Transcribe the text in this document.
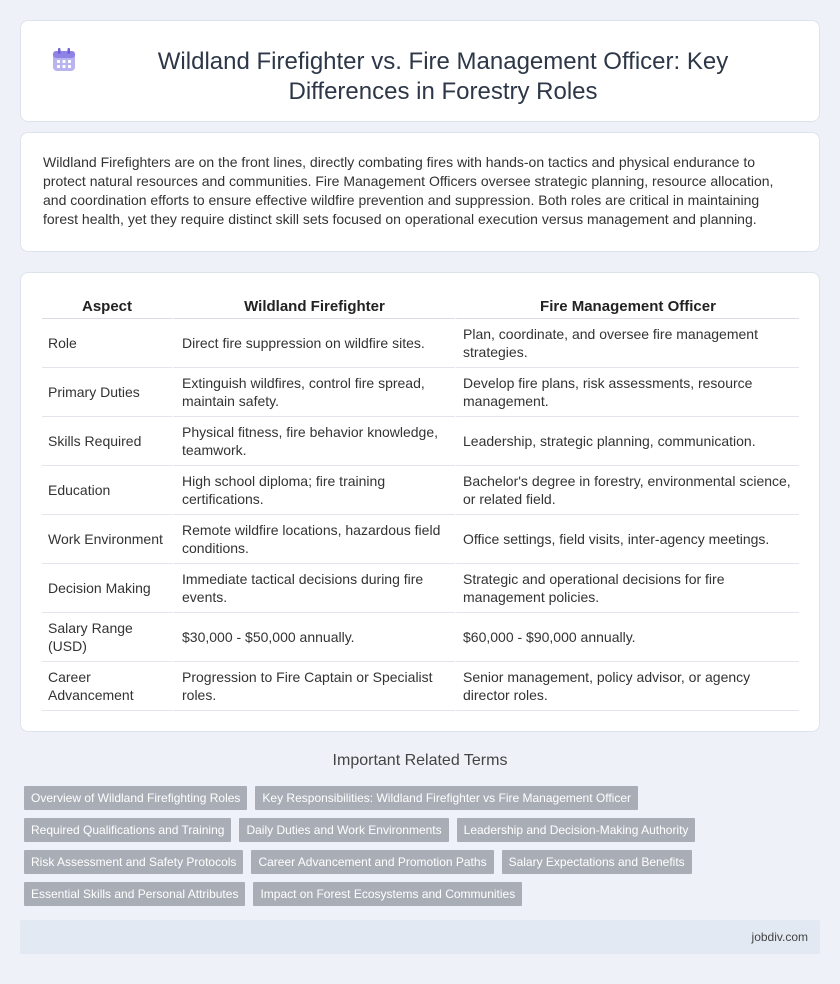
Wildland Firefighter vs. Fire Management Officer: Key Differences in Forestry Roles

Wildland Firefighters are on the front lines, directly combating fires with hands-on tactics and physical endurance to protect natural resources and communities. Fire Management Officers oversee strategic planning, resource allocation, and coordination efforts to ensure effective wildfire prevention and suppression. Both roles are critical in maintaining forest health, yet they require distinct skill sets focused on operational execution versus management and planning.

Aspect	Wildland Firefighter	Fire Management Officer
Role	Direct fire suppression on wildfire sites.	Plan, coordinate, and oversee fire management strategies.
Primary Duties	Extinguish wildfires, control fire spread, maintain safety.	Develop fire plans, risk assessments, resource management.
Skills Required	Physical fitness, fire behavior knowledge, teamwork.	Leadership, strategic planning, communication.
Education	High school diploma; fire training certifications.	Bachelor's degree in forestry, environmental science, or related field.
Work Environment	Remote wildfire locations, hazardous field conditions.	Office settings, field visits, inter-agency meetings.
Decision Making	Immediate tactical decisions during fire events.	Strategic and operational decisions for fire management policies.
Salary Range (USD)	$30,000 - $50,000 annually.	$60,000 - $90,000 annually.
Career Advancement	Progression to Fire Captain or Specialist roles.	Senior management, policy advisor, or agency director roles.
Important Related Terms
Overview of Wildland Firefighting Roles	Key Responsibilities: Wildland Firefighter vs Fire Management Officer
Required Qualifications and Training	Daily Duties and Work Environments	Leadership and Decision-Making Authority
Risk Assessment and Safety Protocols	Career Advancement and Promotion Paths	Salary Expectations and Benefits
Essential Skills and Personal Attributes	Impact on Forest Ecosystems and Communities
jobdiv.com
